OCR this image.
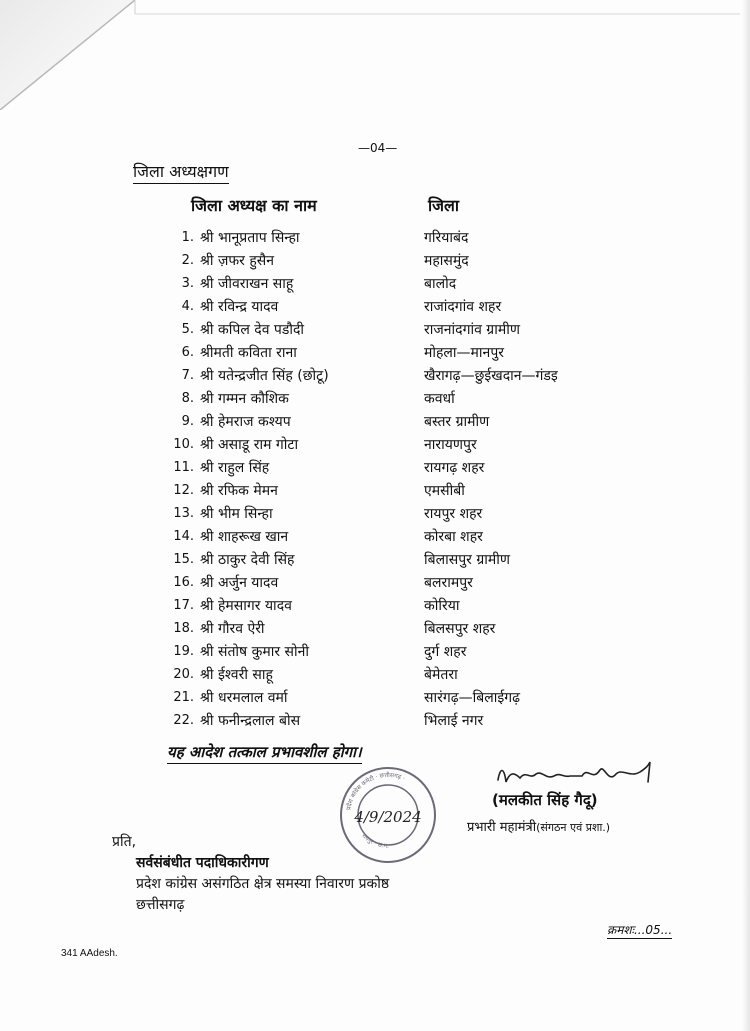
—04—
जिला अध्यक्षगण
जिला अध्यक्ष का नाम	जिला
1. श्री भानूप्रताप सिन्हा	गरियाबंद
2. श्री ज़फर हुसैन	महासमुंद
3. श्री जीवराखन साहू	बालोद
4. श्री रविन्द्र यादव	राजांदगांव शहर
5. श्री कपिल देव पडौदी	राजनांदगांव ग्रामीण
6. श्रीमती कविता राना	मोहला—मानपुर
7. श्री यतेन्द्रजीत सिंह (छोटू)	खैरागढ़—छुईखदान—गंडइ
8. श्री गम्मन कौशिक	कवर्धा
9. श्री हेमराज कश्यप	बस्तर ग्रामीण
10. श्री असाडू राम गोटा	नारायणपुर
11. श्री राहुल सिंह	रायगढ़ शहर
12. श्री रफिक मेमन	एमसीबी
13. श्री भीम सिन्हा	रायपुर शहर
14. श्री शाहरूख खान	कोरबा शहर
15. श्री ठाकुर देवी सिंह	बिलासपुर ग्रामीण
16. श्री अर्जुन यादव	बलरामपुर
17. श्री हेमसागर यादव	कोरिया
18. श्री गौरव ऐरी	बिलसपुर शहर
19. श्री संतोष कुमार सोनी	दुर्ग शहर
20. श्री ईश्वरी साहू	बेमेतरा
21. श्री धरमलाल वर्मा	सारंगढ़—बिलाईगढ़
22. श्री फनीन्द्रलाल बोस	भिलाई नगर
यह आदेश तत्काल प्रभावशील होगा।
प्रदेश कांग्रेस कमेटी · छत्तीसगढ़ ·
रायपुर · छ.ग.
4/9/2024
(मलकीत सिंह गैदू)
प्रभारी महामंत्री(संगठन एवं प्रशा.)
प्रति,
सर्वसंबंधीत पदाधिकारीगण
प्रदेश कांग्रेस असंगठित क्षेत्र समस्या निवारण प्रकोष्ठ
छत्तीसगढ़
क्रमशः...05...
341 AAdesh.
